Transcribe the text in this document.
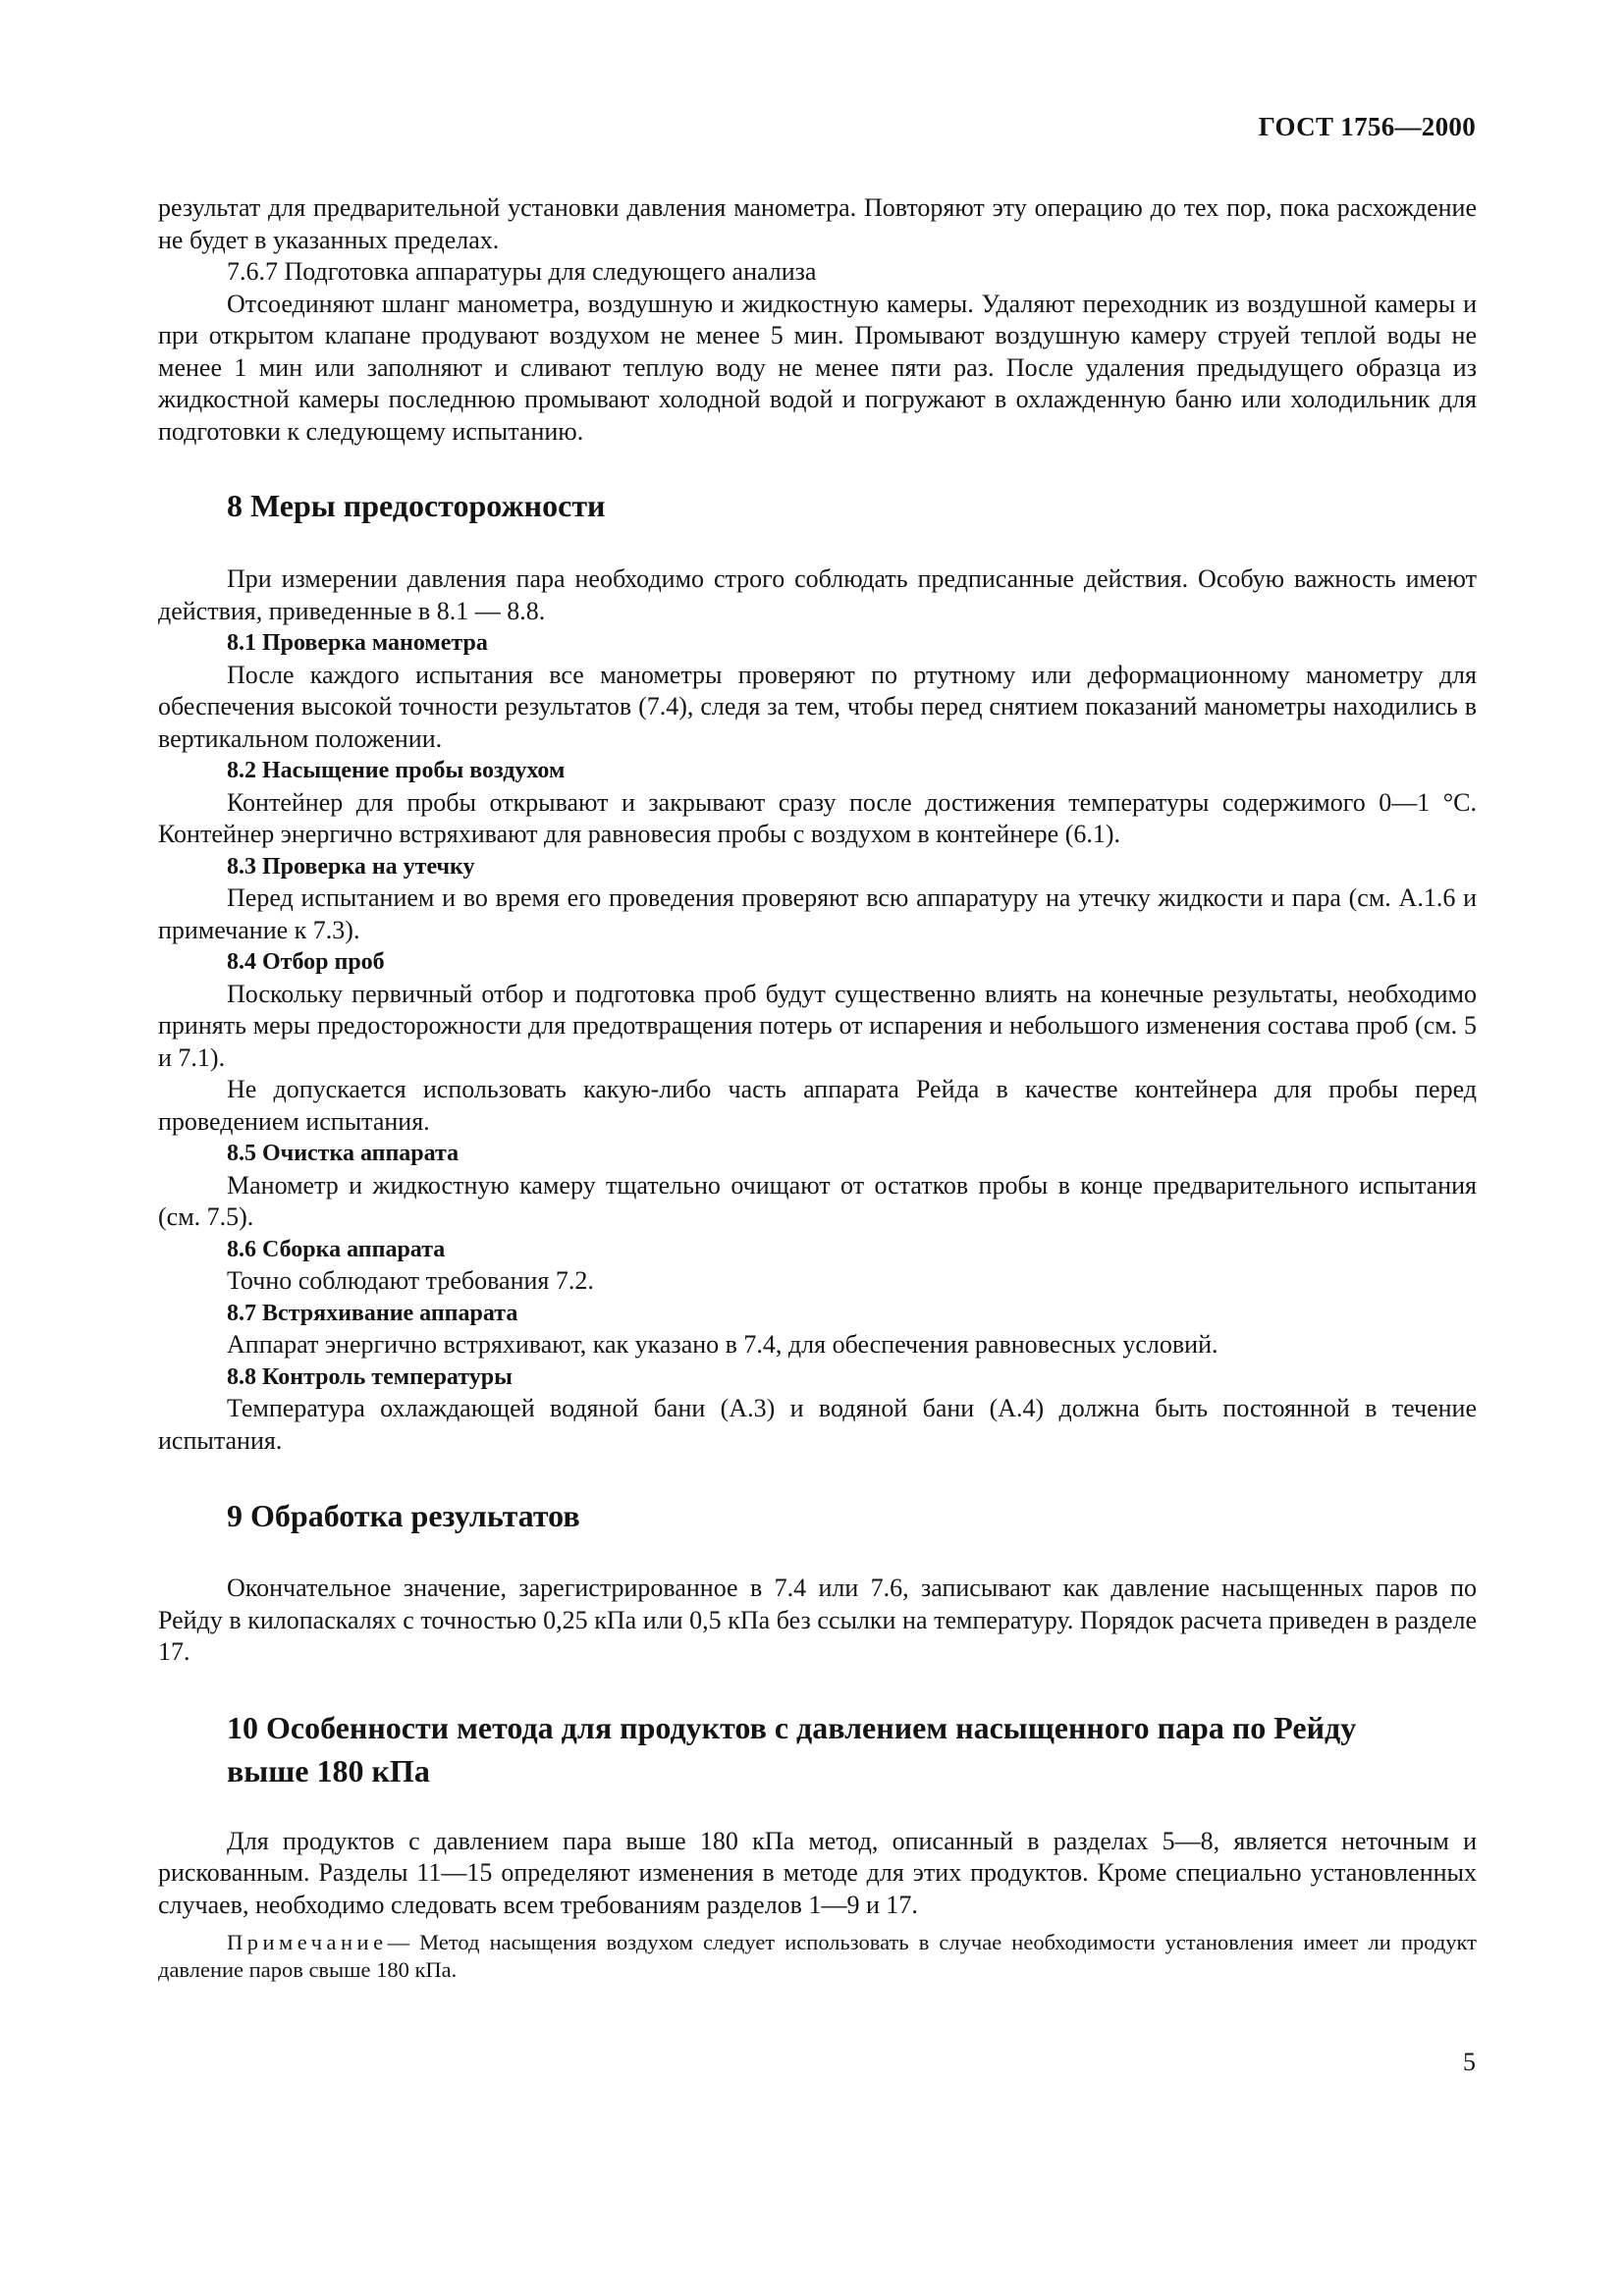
ГОСТ 1756—2000

результат для предварительной установки давления манометра. Повторяют эту операцию до тех пор, пока расхождение не будет в указанных пределах.

7.6.7 Подготовка аппаратуры для следующего анализа

Отсоединяют шланг манометра, воздушную и жидкостную камеры. Удаляют переходник из воздушной камеры и при открытом клапане продувают воздухом не менее 5 мин. Промывают воздушную камеру струей теплой воды не менее 1 мин или заполняют и сливают теплую воду не менее пяти раз. После удаления предыдущего образца из жидкостной камеры последнюю промывают холодной водой и погружают в охлажденную баню или холодильник для подготовки к следующему испытанию.

8 Меры предосторожности

При измерении давления пара необходимо строго соблюдать предписанные действия. Особую важность имеют действия, приведенные в 8.1 — 8.8.

8.1 Проверка манометра

После каждого испытания все манометры проверяют по ртутному или деформационному манометру для обеспечения высокой точности результатов (7.4), следя за тем, чтобы перед снятием показаний манометры находились в вертикальном положении.

8.2 Насыщение пробы воздухом

Контейнер для пробы открывают и закрывают сразу после достижения температуры содержимого 0—1 °С. Контейнер энергично встряхивают для равновесия пробы с воздухом в контейнере (6.1).

8.3 Проверка на утечку

Перед испытанием и во время его проведения проверяют всю аппаратуру на утечку жидкости и пара (см. А.1.6 и примечание к 7.3).

8.4 Отбор проб

Поскольку первичный отбор и подготовка проб будут существенно влиять на конечные результаты, необходимо принять меры предосторожности для предотвращения потерь от испарения и небольшого изменения состава проб (см. 5 и 7.1).

Не допускается использовать какую-либо часть аппарата Рейда в качестве контейнера для пробы перед проведением испытания.

8.5 Очистка аппарата

Манометр и жидкостную камеру тщательно очищают от остатков пробы в конце предварительного испытания (см. 7.5).

8.6 Сборка аппарата

Точно соблюдают требования 7.2.

8.7 Встряхивание аппарата

Аппарат энергично встряхивают, как указано в 7.4, для обеспечения равновесных условий.

8.8 Контроль температуры

Температура охлаждающей водяной бани (А.3) и водяной бани (А.4) должна быть постоянной в течение испытания.

9 Обработка результатов

Окончательное значение, зарегистрированное в 7.4 или 7.6, записывают как давление насыщенных паров по Рейду в килопаскалях с точностью 0,25 кПа или 0,5 кПа без ссылки на температуру. Порядок расчета приведен в разделе 17.

10 Особенности метода для продуктов с давлением насыщенного пара по Рейду
выше 180 кПа

Для продуктов с давлением пара выше 180 кПа метод, описанный в разделах 5—8, является неточным и рискованным. Разделы 11—15 определяют изменения в методе для этих продуктов. Кроме специально установленных случаев, необходимо следовать всем требованиям разделов 1—9 и 17.

Примечание— Метод насыщения воздухом следует использовать в случае необходимости установления имеет ли продукт давление паров свыше 180 кПа.

5
